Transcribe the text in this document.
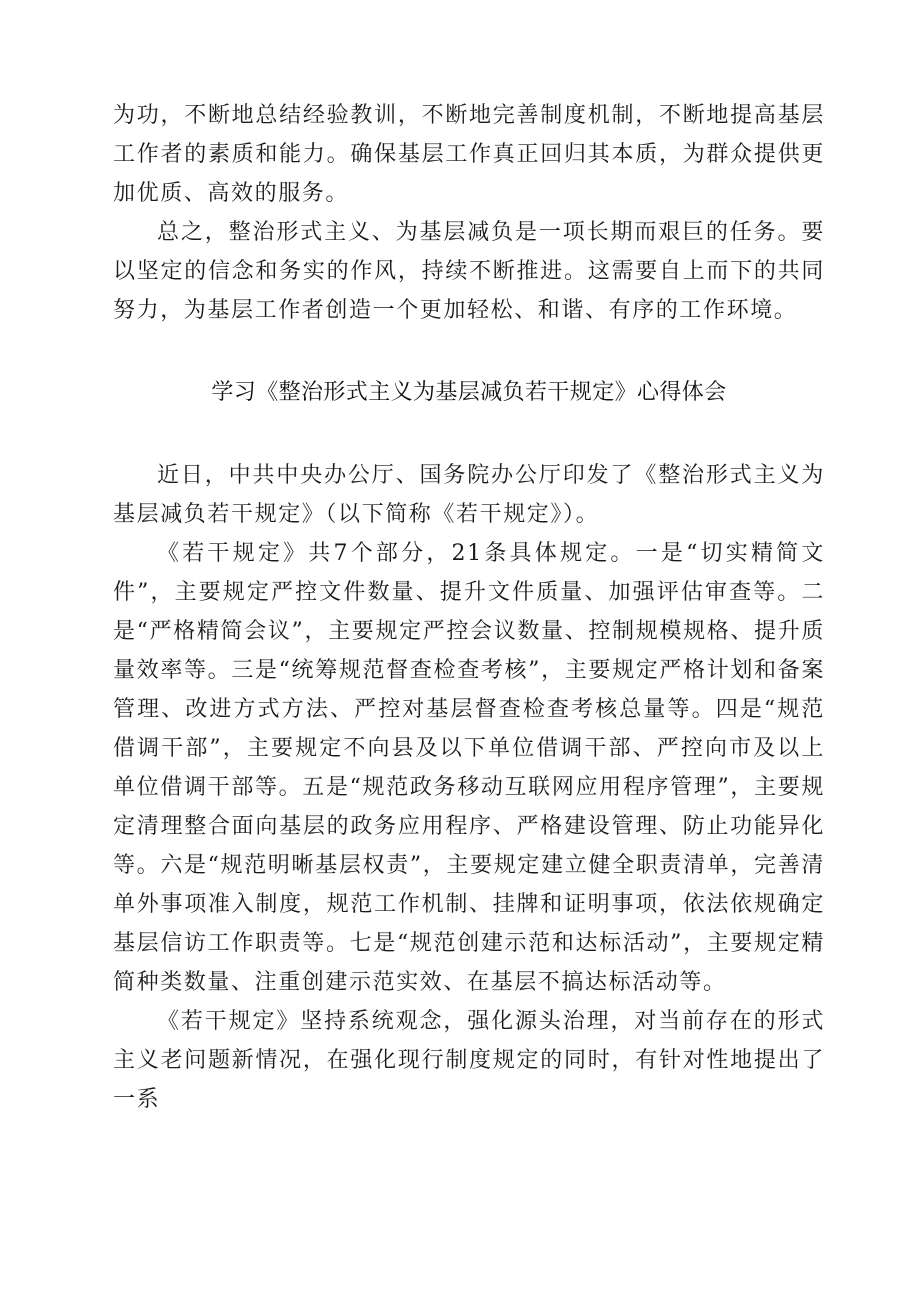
为功，不断地总结经验教训，不断地完善制度机制，不断地提高基层工作者的素质和能力。确保基层工作真正回归其本质，为群众提供更加优质、高效的服务。

总之，整治形式主义、为基层减负是一项长期而艰巨的任务。要以坚定的信念和务实的作风，持续不断推进。这需要自上而下的共同努力，为基层工作者创造一个更加轻松、和谐、有序的工作环境。

学习《整治形式主义为基层减负若干规定》心得体会

近日，中共中央办公厅、国务院办公厅印发了《整治形式主义为基层减负若干规定》（以下简称《若干规定》）。

《若干规定》共7个部分，21条具体规定。一是“切实精简文件”，主要规定严控文件数量、提升文件质量、加强评估审查等。二是“严格精简会议”，主要规定严控会议数量、控制规模规格、提升质量效率等。三是“统筹规范督查检查考核”，主要规定严格计划和备案管理、改进方式方法、严控对基层督查检查考核总量等。四是“规范借调干部”，主要规定不向县及以下单位借调干部、严控向市及以上单位借调干部等。五是“规范政务移动互联网应用程序管理”，主要规定清理整合面向基层的政务应用程序、严格建设管理、防止功能异化等。六是“规范明晰基层权责”，主要规定建立健全职责清单，完善清单外事项准入制度，规范工作机制、挂牌和证明事项，依法依规确定基层信访工作职责等。七是“规范创建示范和达标活动”，主要规定精简种类数量、注重创建示范实效、在基层不搞达标活动等。

《若干规定》坚持系统观念，强化源头治理，对当前存在的形式主义老问题新情况，在强化现行制度规定的同时，有针对性地提出了一系
